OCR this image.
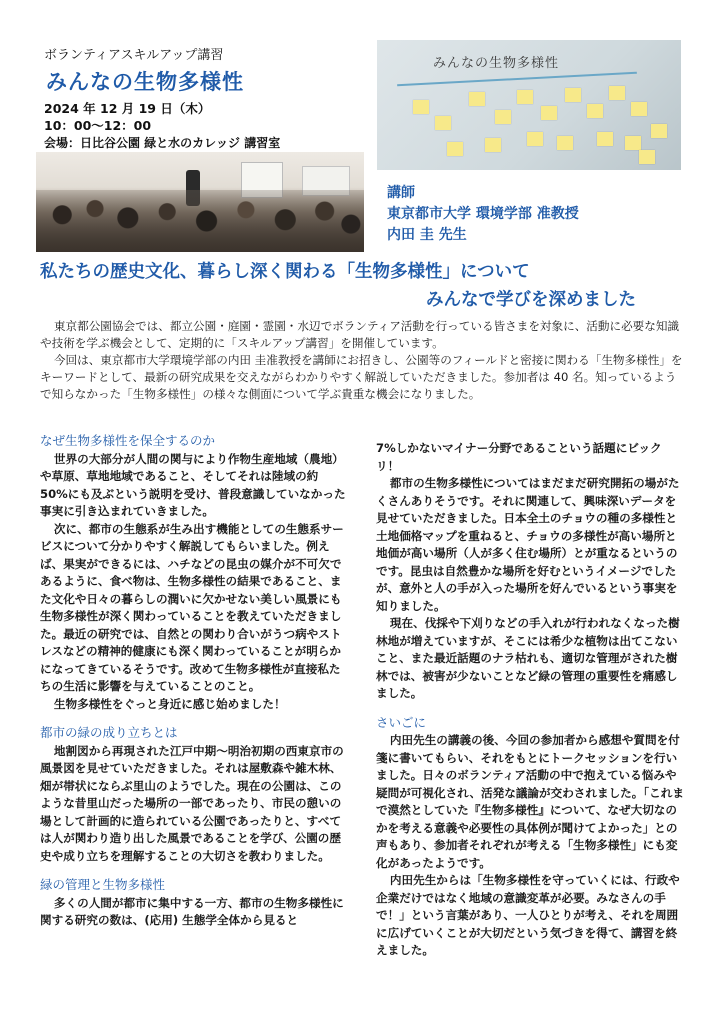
ボランティアスキルアップ講習
みんなの生物多様性
2024 年 12 月 19 日（木）
10：00〜12：00
会場：日比谷公園 緑と水のカレッジ 講習室
みんなの生物多様性
講師
東京都市大学 環境学部 准教授
内田 圭 先生
私たちの歴史文化、暮らし深く関わる「生物多様性」について
みんなで学びを深めました

東京都公園協会では、都立公園・庭園・霊園・水辺でボランティア活動を行っている皆さまを対象に、活動に必要な知識や技術を学ぶ機会として、定期的に「スキルアップ講習」を開催しています。

今回は、東京都市大学環境学部の内田 圭准教授を講師にお招きし、公園等のフィールドと密接に関わる「生物多様性」をキーワードとして、最新の研究成果を交えながらわかりやすく解説していただきました。参加者は 40 名。知っているようで知らなかった「生物多様性」の様々な側面について学ぶ貴重な機会になりました。

なぜ生物多様性を保全するのか

世界の大部分が人間の関与により作物生産地域（農地）や草原、草地地域であること、そしてそれは陸域の約 50%にも及ぶという説明を受け、普段意識していなかった事実に引き込まれていきました。

次に、都市の生態系が生み出す機能としての生態系サービスについて分かりやすく解説してもらいました。例えば、果実ができるには、ハチなどの昆虫の媒介が不可欠であるように、食べ物は、生物多様性の結果であること、また文化や日々の暮らしの潤いに欠かせない美しい風景にも生物多様性が深く関わっていることを教えていただきました。最近の研究では、自然との関わり合いがうつ病やストレスなどの精神的健康にも深く関わっていることが明らかになってきているそうです。改めて生物多様性が直接私たちの生活に影響を与えていることのこと。

生物多様性をぐっと身近に感じ始めました！

都市の緑の成り立ちとは

地割図から再現された江戸中期〜明治初期の西東京市の風景図を見せていただきました。それは屋敷森や雑木林、畑が帯状にならぶ里山のようでした。現在の公園は、このような昔里山だった場所の一部であったり、市民の憩いの場として計画的に造られている公園であったりと、すべては人が関わり造り出した風景であることを学び、公園の歴史や成り立ちを理解することの大切さを教わりました。

緑の管理と生物多様性

多くの人間が都市に集中する一方、都市の生物多様性に関する研究の数は、(応用) 生態学全体から見ると

7%しかないマイナー分野であるこという話題にビックリ！

都市の生物多様性についてはまだまだ研究開拓の場がたくさんありそうです。それに関連して、興味深いデータを見せていただきました。日本全土のチョウの種の多様性と土地価格マップを重ねると、チョウの多様性が高い場所と地価が高い場所（人が多く住む場所）とが重なるというのです。昆虫は自然豊かな場所を好むというイメージでしたが、意外と人の手が入った場所を好んでいるという事実を知りました。

現在、伐採や下刈りなどの手入れが行われなくなった樹林地が増えていますが、そこには希少な植物は出てこないこと、また最近話題のナラ枯れも、適切な管理がされた樹林では、被害が少ないことなど緑の管理の重要性を痛感しました。

さいごに

内田先生の講義の後、今回の参加者から感想や質問を付箋に書いてもらい、それをもとにトークセッションを行いました。日々のボランティア活動の中で抱えている悩みや疑問が可視化され、活発な議論が交わされました。「これまで漠然としていた『生物多様性』について、なぜ大切なのかを考える意義や必要性の具体例が聞けてよかった」との声もあり、参加者それぞれが考える「生物多様性」にも変化があったようです。

内田先生からは「生物多様性を守っていくには、行政や企業だけではなく地域の意識変革が必要。みなさんの手で！」という言葉があり、一人ひとりが考え、それを周囲に広げていくことが大切だという気づきを得て、講習を終えました。
